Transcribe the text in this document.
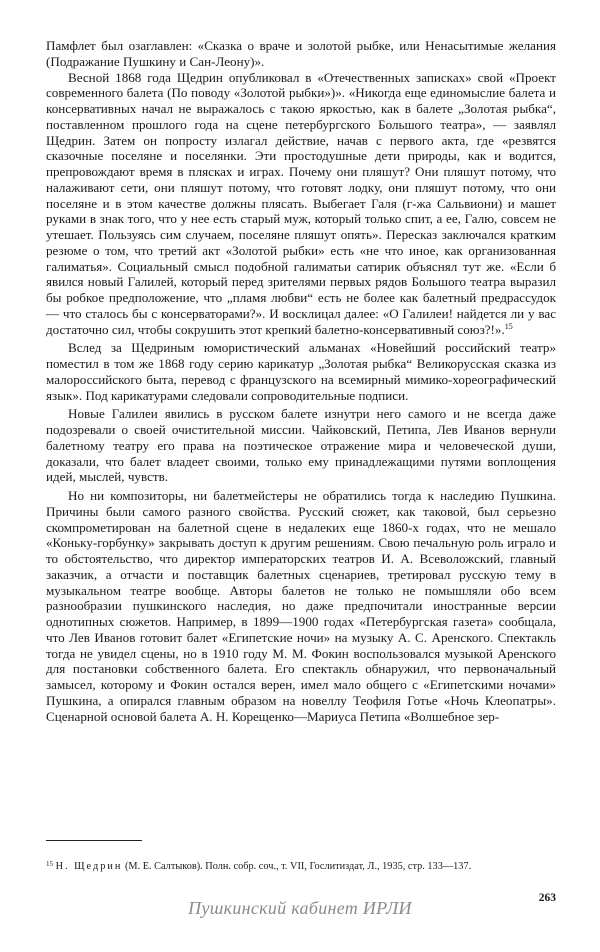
Памфлет был озаглавлен: «Сказка о враче и золотой рыбке, или Ненасытимые желания (Подражание Пушкину и Сан-Леону)».

Весной 1868 года Щедрин опубликовал в «Отечественных записках» свой «Проект современного балета (По поводу «Золотой рыбки»)». «Никогда еще единомыслие балета и консервативных начал не выражалось с такою яркостью, как в балете „Золотая рыбка“, поставленном прошлого года на сцене петербургского Большого театра», — заявлял Щедрин. Затем он попросту излагал действие, начав с первого акта, где «резвятся сказочные поселяне и поселянки. Эти простодушные дети природы, как и водится, препровождают время в плясках и играх. Почему они пляшут? Они пляшут потому, что налаживают сети, они пляшут потому, что готовят лодку, они пляшут потому, что они поселяне и в этом качестве должны плясать. Выбегает Галя (г-жа Сальвиони) и машет руками в знак того, что у нее есть старый муж, который только спит, а ее, Галю, совсем не утешает. Пользуясь сим случаем, поселяне пляшут опять». Пересказ заключался кратким резюме о том, что третий акт «Золотой рыбки» есть «не что иное, как организованная галиматья». Социальный смысл подобной галиматьи сатирик объяснял тут же. «Если б явился новый Галилей, который перед зрителями первых рядов Большого театра выразил бы робкое предположение, что „пламя любви“ есть не более как балетный предрассудок — что сталось бы с консерваторами?». И восклицал далее: «О Галилеи! найдется ли у вас достаточно сил, чтобы сокрушить этот крепкий балетно-консервативный союз?!».$^{15}$

Вслед за Щедриным юмористический альманах «Новейший российский театр» поместил в том же 1868 году серию карикатур „Золотая рыбка“ Великорусская сказка из малороссийского быта, перевод с французского на всемирный мимико-хореографический язык». Под карикатурами следовали сопроводительные подписи.

Новые Галилеи явились в русском балете изнутри него самого и не всегда даже подозревали о своей очистительной миссии. Чайковский, Петипа, Лев Иванов вернули балетному театру его права на поэтическое отражение мира и человеческой души, доказали, что балет владеет своими, только ему принадлежащими путями воплощения идей, мыслей, чувств.

Но ни композиторы, ни балетмейстеры не обратились тогда к наследию Пушкина. Причины были самого разного свойства. Русский сюжет, как таковой, был серьезно скомпрометирован на балетной сцене в недалеких еще 1860-х годах, что не мешало «Коньку-горбунку» закрывать доступ к другим решениям. Свою печальную роль играло и то обстоятельство, что директор императорских театров И. А. Всеволожский, главный заказчик, а отчасти и поставщик балетных сценариев, третировал русскую тему в музыкальном театре вообще. Авторы балетов не только не помышляли обо всем разнообразии пушкинского наследия, но даже предпочитали иностранные версии однотипных сюжетов. Например, в 1899—1900 годах «Петербургская газета» сообщала, что Лев Иванов готовит балет «Египетские ночи» на музыку А. С. Аренского. Спектакль тогда не увидел сцены, но в 1910 году М. М. Фокин воспользовался музыкой Аренского для постановки собственного балета. Его спектакль обнаружил, что первоначальный замысел, которому и Фокин остался верен, имел мало общего с «Египетскими ночами» Пушкина, а опирался главным образом на новеллу Теофиля Готье «Ночь Клеопатры». Сценарной основой балета А. Н. Корещенко—Мариуса Петипа «Волшебное зер-

$^{15}$ Н. Щедрин (М. Е. Салтыков). Полн. собр. соч., т. VII, Гослитиздат, Л., 1935, стр. 133—137.
263
Пушкинский кабинет ИРЛИ
